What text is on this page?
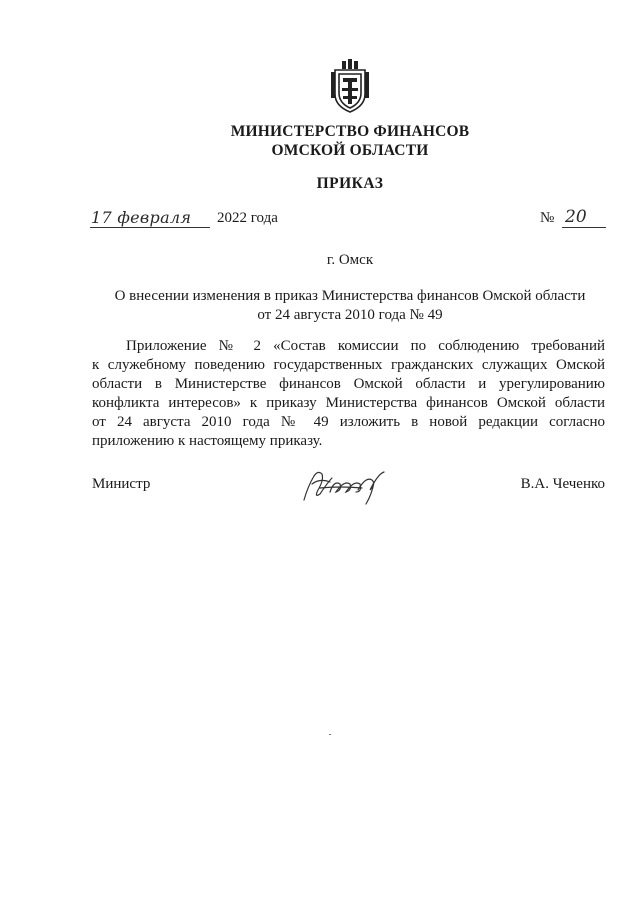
МИНИСТЕРСТВО ФИНАНСОВ
ОМСКОЙ ОБЛАСТИ
ПРИКАЗ
17 февраля 2022 года	№ 20
г. Омск
О внесении изменения в приказ Министерства финансов Омской области
от 24 августа 2010 года № 49
Приложение № 2 «Состав комиссии по соблюдению требований
к служебному поведению государственных гражданских служащих Омской
области в Министерстве финансов Омской области и урегулированию
конфликта интересов» к приказу Министерства финансов Омской области
от 24 августа 2010 года № 49 изложить в новой редакции согласно
приложению к настоящему приказу.
Министр	В.А. Чеченко
